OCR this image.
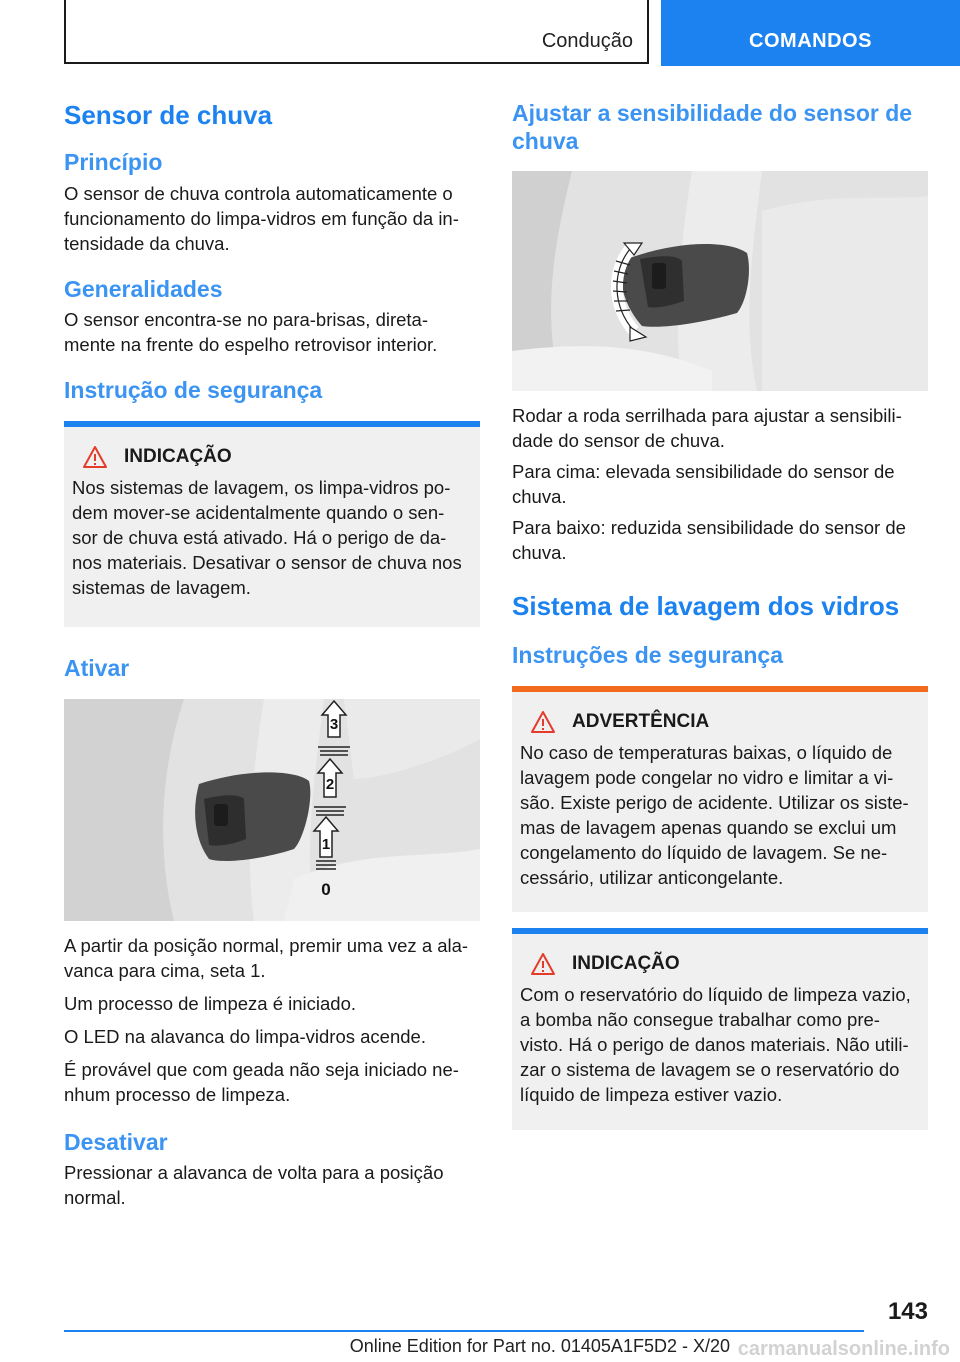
Condução	COMANDOS
Sensor de chuva
Princípio

O sensor de chuva controla automaticamente o funcionamento do limpa-vidros em função da in- tensidade da chuva.

Generalidades

O sensor encontra-se no para-brisas, direta- mente na frente do espelho retrovisor interior.

Instrução de segurança
INDICAÇÃO

Nos sistemas de lavagem, os limpa-vidros po- dem mover-se acidentalmente quando o sen- sor de chuva está ativado. Há o perigo de da- nos materiais. Desativar o sensor de chuva nos sistemas de lavagem.

Ativar
3
2
1
0

A partir da posição normal, premir uma vez a ala- vanca para cima, seta 1.

Um processo de limpeza é iniciado.

O LED na alavanca do limpa-vidros acende.

É provável que com geada não seja iniciado ne- nhum processo de limpeza.

Desativar

Pressionar a alavanca de volta para a posição normal.

Ajustar a sensibilidade do sensor de chuva

Rodar a roda serrilhada para ajustar a sensibili- dade do sensor de chuva.

Para cima: elevada sensibilidade do sensor de chuva.

Para baixo: reduzida sensibilidade do sensor de chuva.

Sistema de lavagem dos vidros
Instruções de segurança
ADVERTÊNCIA

No caso de temperaturas baixas, o líquido de lavagem pode congelar no vidro e limitar a vi- são. Existe perigo de acidente. Utilizar os siste- mas de lavagem apenas quando se exclui um congelamento do líquido de lavagem. Se ne- cessário, utilizar anticongelante.

INDICAÇÃO

Com o reservatório do líquido de limpeza vazio, a bomba não consegue trabalhar como pre- visto. Há o perigo de danos materiais. Não utili- zar o sistema de lavagem se o reservatório do líquido de limpeza estiver vazio.

143
Online Edition for Part no. 01405A1F5D2 - X/20 carmanualsonline.info
